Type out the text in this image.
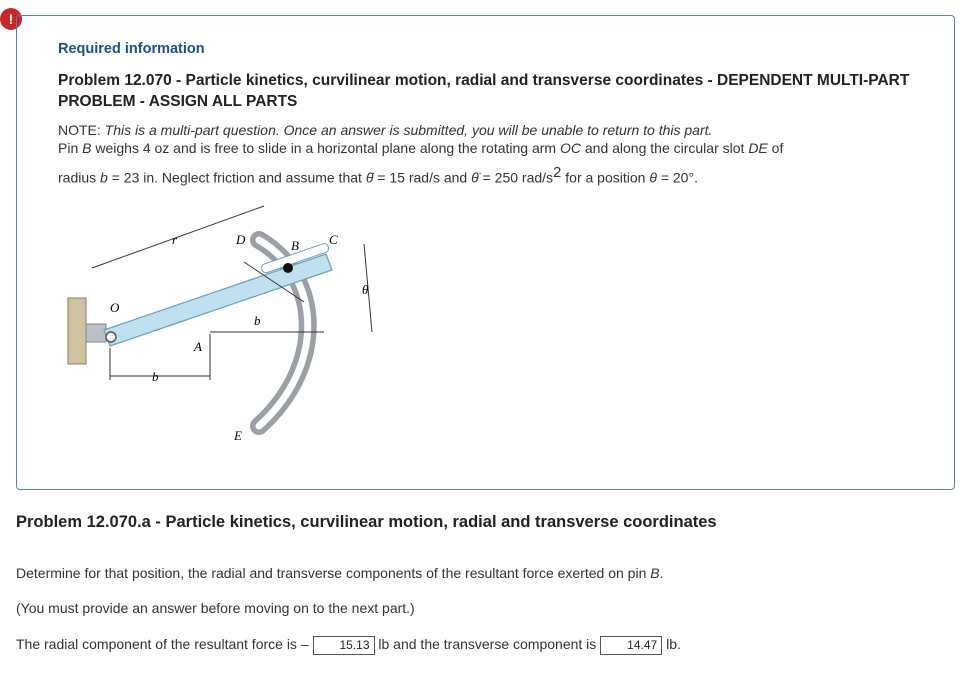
!
Required information
Problem 12.070 - Particle kinetics, curvilinear motion, radial and transverse coordinates - DEPENDENT MULTI-PART PROBLEM - ASSIGN ALL PARTS
NOTE: This is a multi-part question. Once an answer is submitted, you will be unable to return to this part.
Pin B weighs 4 oz and is free to slide in a horizontal plane along the rotating arm OC and along the circular slot DE of
radius b = 23 in. Neglect friction and assume that θ̇ = 15 rad/s and θ̈ = 250 rad/$s^2$ for a position θ = 20°.
D	B C
O
A
E
r
b
b
θ
Problem 12.070.a - Particle kinetics, curvilinear motion, radial and transverse coordinates
Determine for that position, the radial and transverse components of the resultant force exerted on pin B.
(You must provide an answer before moving on to the next part.)
The radial component of the resultant force is –	15.13 lb and the transverse component is	14.47 lb.
